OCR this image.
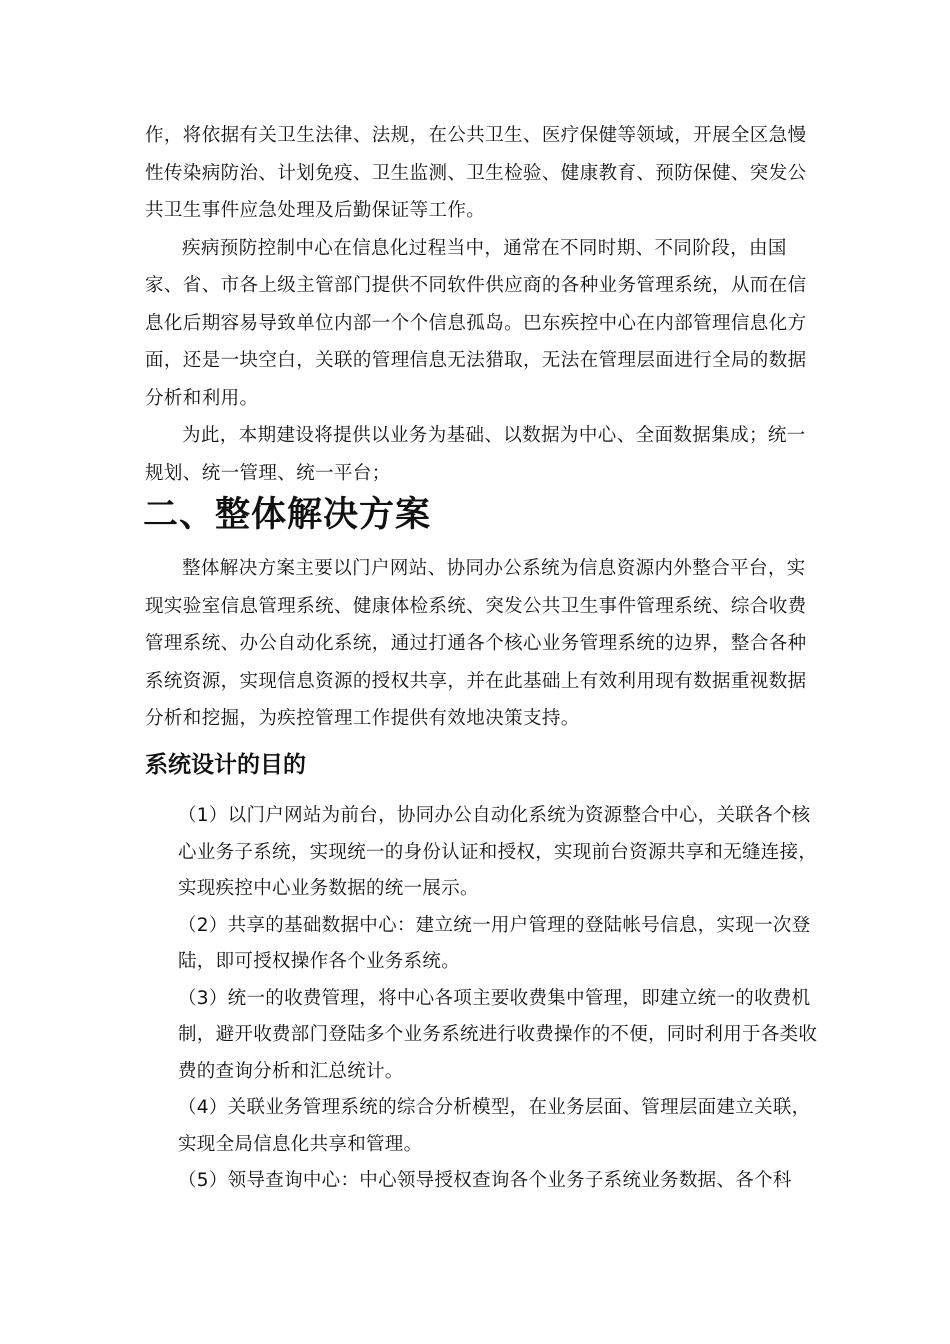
作，将依据有关卫生法律、法规，在公共卫生、医疗保健等领域，开展全区急慢性传染病防治、计划免疫、卫生监测、卫生检验、健康教育、预防保健、突发公共卫生事件应急处理及后勤保证等工作。

疾病预防控制中心在信息化过程当中，通常在不同时期、不同阶段，由国家、省、市各上级主管部门提供不同软件供应商的各种业务管理系统，从而在信息化后期容易导致单位内部一个个信息孤岛。巴东疾控中心在内部管理信息化方面，还是一块空白，关联的管理信息无法猎取，无法在管理层面进行全局的数据分析和利用。

为此，本期建设将提供以业务为基础、以数据为中心、全面数据集成；统一规划、统一管理、统一平台；

二、整体解决方案

整体解决方案主要以门户网站、协同办公系统为信息资源内外整合平台，实现实验室信息管理系统、健康体检系统、突发公共卫生事件管理系统、综合收费管理系统、办公自动化系统，通过打通各个核心业务管理系统的边界，整合各种系统资源，实现信息资源的授权共享，并在此基础上有效利用现有数据重视数据分析和挖掘，为疾控管理工作提供有效地决策支持。

系统设计的目的

（1）以门户网站为前台，协同办公自动化系统为资源整合中心，关联各个核心业务子系统，实现统一的身份认证和授权，实现前台资源共享和无缝连接，实现疾控中心业务数据的统一展示。

（2）共享的基础数据中心：建立统一用户管理的登陆帐号信息，实现一次登陆，即可授权操作各个业务系统。

（3）统一的收费管理，将中心各项主要收费集中管理，即建立统一的收费机制，避开收费部门登陆多个业务系统进行收费操作的不便，同时利用于各类收费的查询分析和汇总统计。

（4）关联业务管理系统的综合分析模型，在业务层面、管理层面建立关联，实现全局信息化共享和管理。

（5）领导查询中心：中心领导授权查询各个业务子系统业务数据、各个科
